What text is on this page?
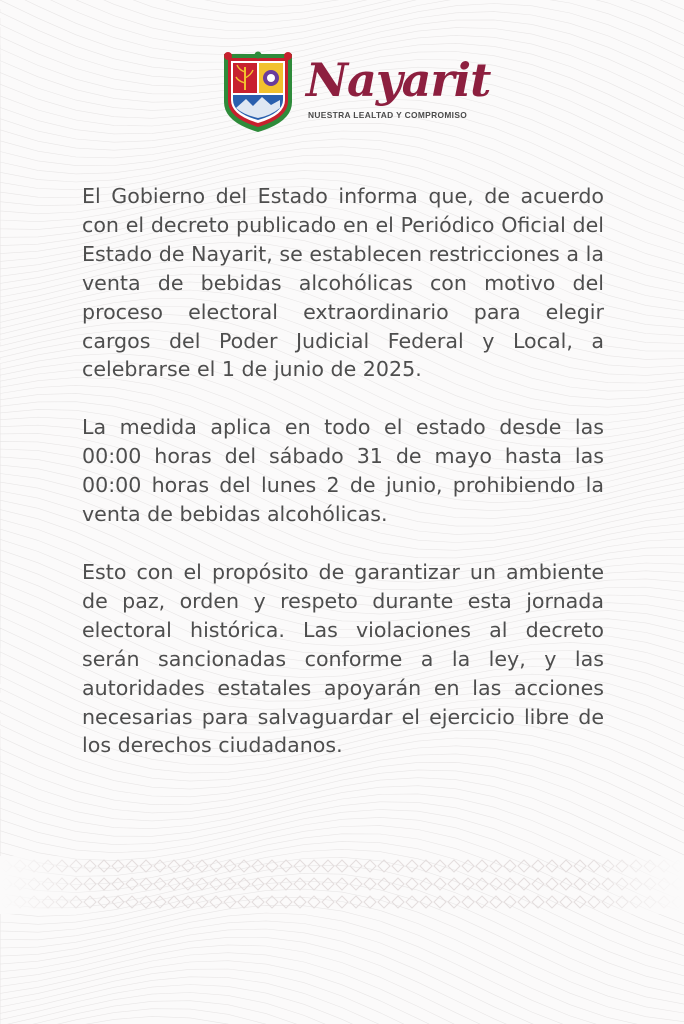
Nayarit
NUESTRA LEALTAD Y COMPROMISO

El Gobierno del Estado informa que, de acuerdo con el decreto publicado en el Periódico Oficial del Estado de Nayarit, se establecen restricciones a la venta de bebidas alcohólicas con motivo del proceso electoral extraordinario para elegir cargos del Poder Judicial Federal y Local, a celebrarse el 1 de junio de 2025.

La medida aplica en todo el estado desde las 00:00 horas del sábado 31 de mayo hasta las 00:00 horas del lunes 2 de junio, prohibiendo la venta de bebidas alcohólicas.

Esto con el propósito de garantizar un ambiente de paz, orden y respeto durante esta jornada electoral histórica. Las violaciones al decreto serán sancionadas conforme a la ley, y las autoridades estatales apoyarán en las acciones necesarias para salvaguardar el ejercicio libre de los derechos ciudadanos.
